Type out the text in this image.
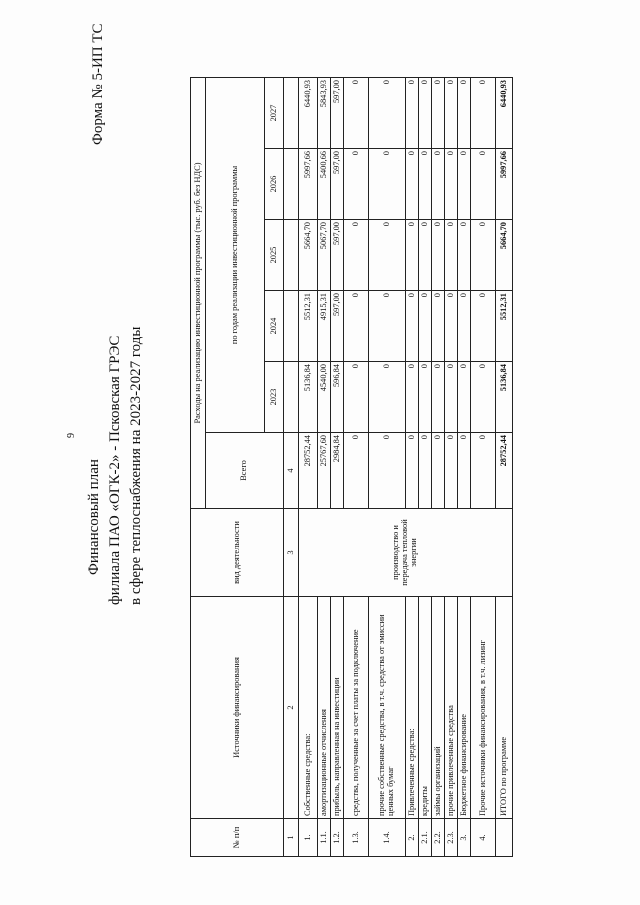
9
Форма № 5-ИП ТС
Финансовый план филиала ПАО «ОГК-2» - Псковская ГРЭС в сфере теплоснабжения на 2023-2027 годы
№ п/п	Источники финансирования	вид деятельности	Расходы на реализацию инвестиционной программы (тыс. руб. без НДС)					
			Всего	по годам реализации инвестиционной программы				
				2023	2024	2025	2026	2027
1	2	3	4					
1.	Собственные средства:	производство и передача тепловой энергии	28752,44	5136,84	5512,31	5664,70	5997,66	6440,93
1.1.	амортизационные отчисления		25767,60	4540,00	4915,31	5067,70	5400,66	5843,93
1.2.	прибыль, направленная на инвестиции		2984,84	596,84	597,00	597,00	597,00	597,00
1.3.	средства, полученные за счет платы за подключение		0	0	0	0	0	0
1.4.	прочие собственные средства, в т.ч. средства от эмиссии ценных бумаг		0	0	0	0	0	0
2.	Привлеченные средства:		0	0	0	0	0	0
2.1.	кредиты		0	0	0	0	0	0
2.2.	займы организаций		0	0	0	0	0	0
2.3.	прочие привлеченные средства		0	0	0	0	0	0
3.	Бюджетное финансирование		0	0	0	0	0	0
4.	Прочие источники финансирования, в т.ч. лизинг		0	0	0	0	0	0
	ИТОГО по программе		28752,44	5136,84	5512,31	5664,70	5997,66	6440,93
